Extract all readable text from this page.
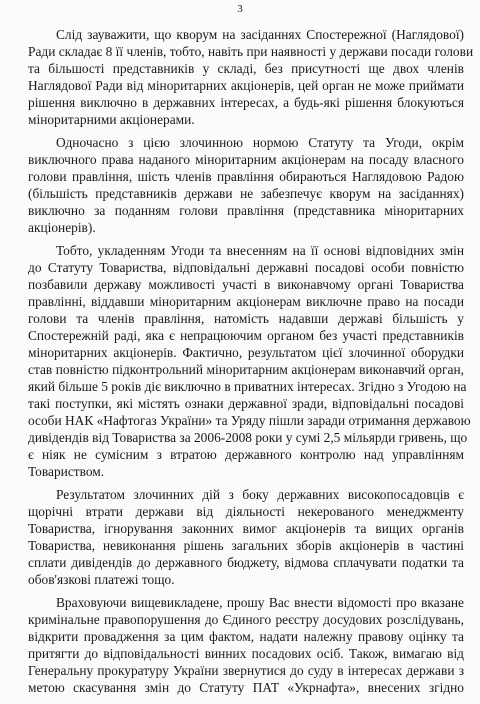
3
Слід зауважити, що кворум на засіданнях Спостережної (Наглядової)
Ради складає 8 її членів, тобто, навіть при наявності у держави посади голови
та більшості представників у складі, без присутності ще двох членів
Наглядової Ради від міноритарних акціонерів, цей орган не може приймати
рішення виключно в державних інтересах, а будь-які рішення блокуються
міноритарними акціонерами.
Одночасно з цією злочинною нормою Статуту та Угоди, окрім
виключного права наданого міноритарним акціонерам на посаду власного
голови правління, шість членів правління обираються Наглядовою Радою
(більшість представників держави не забезпечує кворум на засіданнях)
виключно за поданням голови правління (представника міноритарних
акціонерів).
Тобто, укладенням Угоди та внесенням на її основі відповідних змін
до Статуту Товариства, відповідальні державні посадові особи повністю
позбавили державу можливості участі в виконавчому органі Товариства
правлінні, віддавши міноритарним акціонерам виключне право на посади
голови та членів правління, натомість надавши державі більшість у
Спостережній раді, яка є непрацюючим органом без участі представників
міноритарних акціонерів. Фактично, результатом цієї злочинної оборудки
став повністю підконтрольний міноритарним акціонерам виконавчий орган,
який більше 5 років діє виключно в приватних інтересах. Згідно з Угодою на
такі поступки, які містять ознаки державної зради, відповідальні посадові
особи НАК «Нафтогаз України» та Уряду пішли заради отримання державою
дивідендів від Товариства за 2006-2008 роки у сумі 2,5 мільярди гривень, що
є ніяк не сумісним з втратою державного контролю над управлінням
Товариством.
Результатом злочинних дій з боку державних високопосадовців є
щорічні втрати держави від діяльності некерованого менеджменту
Товариства, ігнорування законних вимог акціонерів та вищих органів
Товариства, невиконання рішень загальних зборів акціонерів в частині
сплати дивідендів до державного бюджету, відмова сплачувати податки та
обов'язкові платежі тощо.
Враховуючи вищевикладене, прошу Вас внести відомості про вказане
кримінальне правопорушення до Єдиного реєстру досудових розслідувань,
відкрити провадження за цим фактом, надати належну правову оцінку та
притягти до відповідальності винних посадових осіб. Також, вимагаю від
Генеральну прокуратуру України звернутися до суду в інтересах держави з
метою скасування змін до Статуту ПАТ «Укрнафта», внесених згідно
